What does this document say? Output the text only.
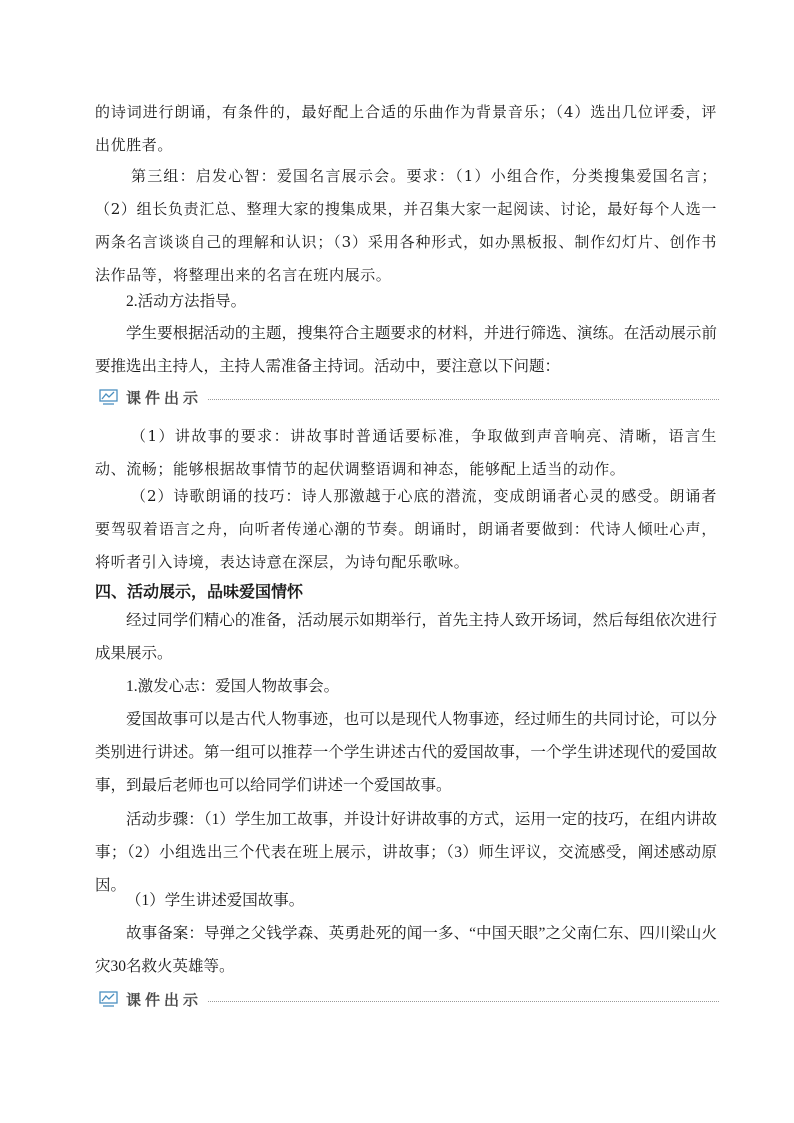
的诗词进行朗诵，有条件的，最好配上合适的乐曲作为背景音乐；（4）选出几位评委，评出优胜者。

第三组：启发心智：爱国名言展示会。要求：（1）小组合作，分类搜集爱国名言；（2）组长负责汇总、整理大家的搜集成果，并召集大家一起阅读、讨论，最好每个人选一两条名言谈谈自己的理解和认识；（3）采用各种形式，如办黑板报、制作幻灯片、创作书法作品等，将整理出来的名言在班内展示。

2.活动方法指导。

学生要根据活动的主题，搜集符合主题要求的材料，并进行筛选、演练。在活动展示前要推选出主持人，主持人需准备主持词。活动中，要注意以下问题：

课件出示

（1）讲故事的要求：讲故事时普通话要标准，争取做到声音响亮、清晰，语言生动、流畅；能够根据故事情节的起伏调整语调和神态，能够配上适当的动作。

（2）诗歌朗诵的技巧：诗人那激越于心底的潜流，变成朗诵者心灵的感受。朗诵者要驾驭着语言之舟，向听者传递心潮的节奏。朗诵时，朗诵者要做到：代诗人倾吐心声，将听者引入诗境，表达诗意在深层，为诗句配乐歌咏。

四、活动展示，品味爱国情怀

经过同学们精心的准备，活动展示如期举行，首先主持人致开场词，然后每组依次进行成果展示。

1.激发心志：爱国人物故事会。

爱国故事可以是古代人物事迹，也可以是现代人物事迹，经过师生的共同讨论，可以分类别进行讲述。第一组可以推荐一个学生讲述古代的爱国故事，一个学生讲述现代的爱国故事，到最后老师也可以给同学们讲述一个爱国故事。

活动步骤：（1）学生加工故事，并设计好讲故事的方式，运用一定的技巧，在组内讲故事；（2）小组选出三个代表在班上展示，讲故事；（3）师生评议，交流感受，阐述感动原因。

（1）学生讲述爱国故事。

故事备案：导弹之父钱学森、英勇赴死的闻一多、“中国天眼”之父南仁东、四川梁山火灾30名救火英雄等。

课件出示
